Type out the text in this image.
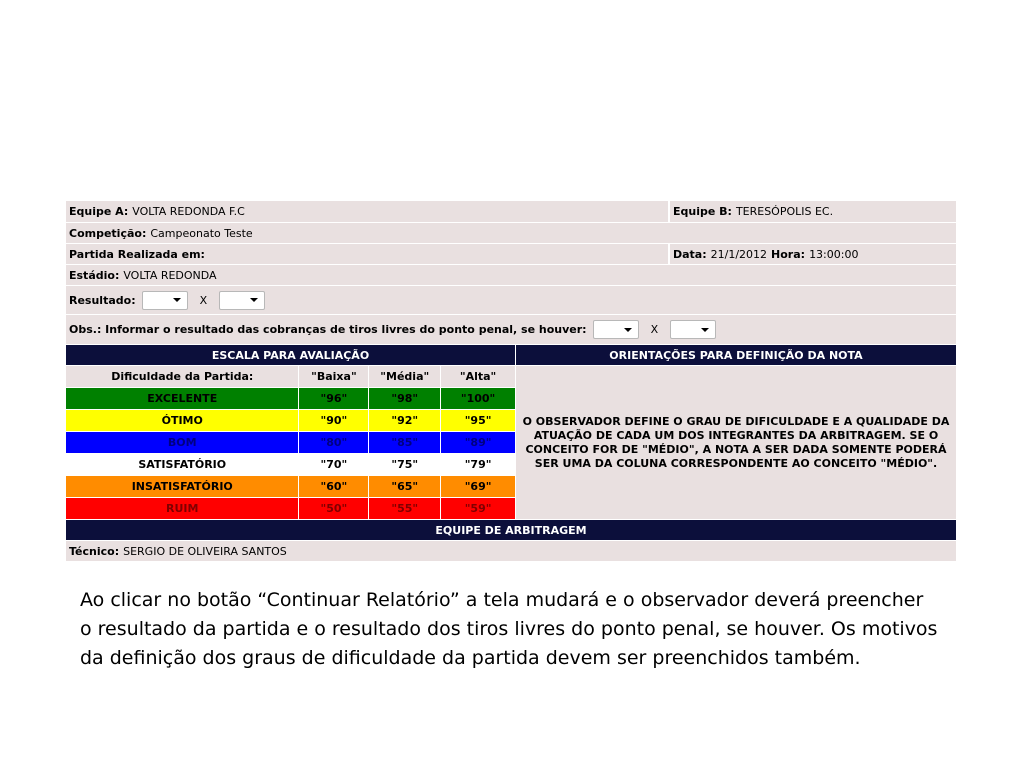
Equipe A: VOLTA REDONDA F.C	Equipe B: TERESÓPOLIS EC.
Competição: Campeonato Teste
Partida Realizada em:	Data: 21/1/2012 Hora: 13:00:00
Estádio: VOLTA REDONDA
Resultado:	X
Obs.: Informar o resultado das cobranças de tiros livres do ponto penal, se houver:	X
ESCALA PARA AVALIAÇÃO
Dificuldade da Partida:	"Baixa"	"Média"	"Alta"
EXCELENTE	"96"	"98"	"100"
ÓTIMO	"90"	"92"	"95"
BOM	"80"	"85"	"89"
SATISFATÓRIO	"70"	"75"	"79"
INSATISFATÓRIO	"60"	"65"	"69"
RUIM	"50"	"55"	"59"
ORIENTAÇÕES PARA DEFINIÇÃO DA NOTA
O OBSERVADOR DEFINE O GRAU DE DIFICULDADE E A QUALIDADE DA ATUAÇÃO DE CADA UM DOS INTEGRANTES DA ARBITRAGEM. SE O CONCEITO FOR DE "MÉDIO", A NOTA A SER DADA SOMENTE PODERÁ SER UMA DA COLUNA CORRESPONDENTE AO CONCEITO "MÉDIO".
EQUIPE DE ARBITRAGEM
Técnico: SERGIO DE OLIVEIRA SANTOS
Ao clicar no botão “Continuar Relatório” a tela mudará e o observador deverá preencher o resultado da partida e o resultado dos tiros livres do ponto penal, se houver. Os motivos da definição dos graus de dificuldade da partida devem ser preenchidos também.
